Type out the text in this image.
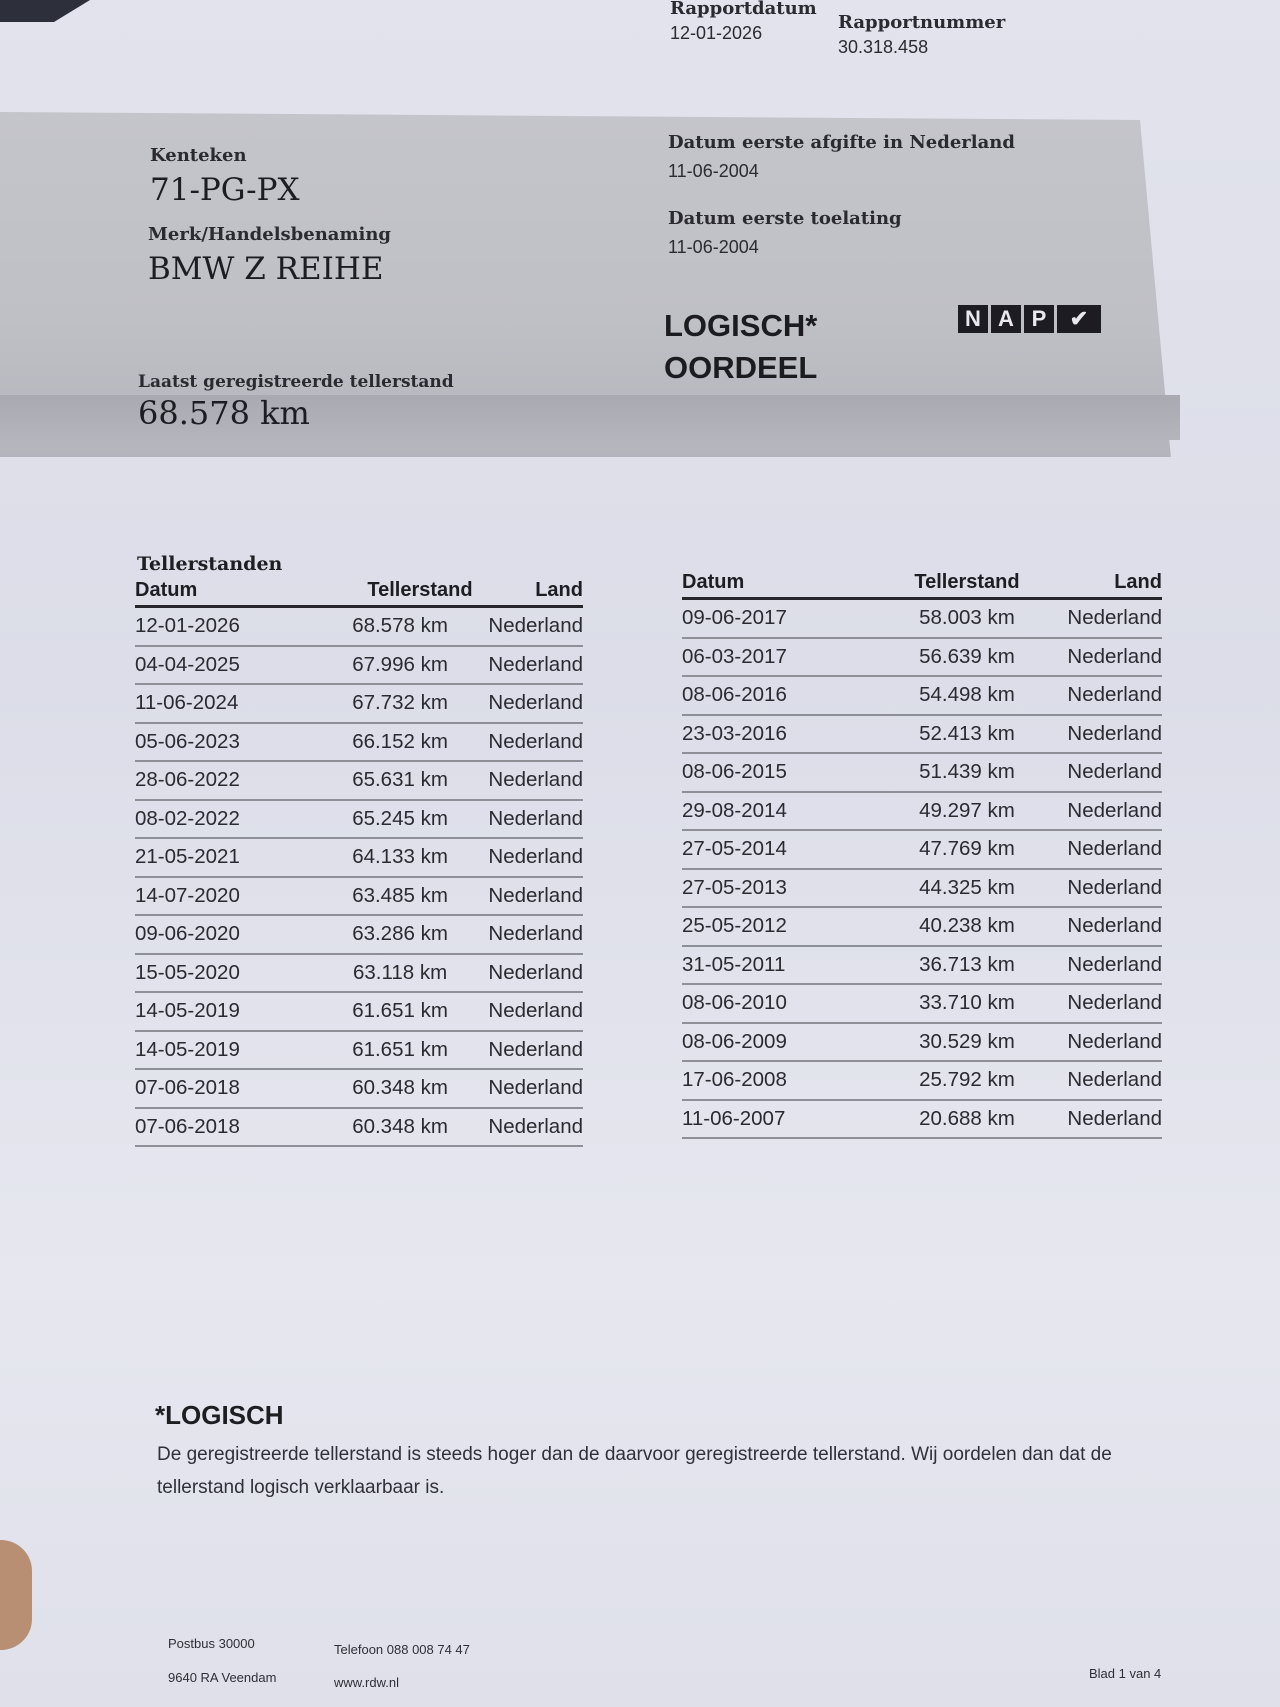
Rapportdatum
12-01-2026	Rapportnummer
30.318.458
Kenteken
71-PG-PX
Merk/Handelsbenaming
BMW Z REIHE
Datum eerste afgifte in Nederland
11-06-2004
Datum eerste toelating
11-06-2004
Laatst geregistreerde tellerstand
68.578 km
LOGISCH*
OORDEEL
N A P	✔
Tellerstanden
Datum	Tellerstand	Land
12-01-2026	68.578 km	Nederland
04-04-2025	67.996 km	Nederland
11-06-2024	67.732 km	Nederland
05-06-2023	66.152 km	Nederland
28-06-2022	65.631 km	Nederland
08-02-2022	65.245 km	Nederland
21-05-2021	64.133 km	Nederland
14-07-2020	63.485 km	Nederland
09-06-2020	63.286 km	Nederland
15-05-2020	63.118 km	Nederland
14-05-2019	61.651 km	Nederland
14-05-2019	61.651 km	Nederland
07-06-2018	60.348 km	Nederland
07-06-2018	60.348 km	Nederland
Datum	Tellerstand	Land
09-06-2017	58.003 km	Nederland
06-03-2017	56.639 km	Nederland
08-06-2016	54.498 km	Nederland
23-03-2016	52.413 km	Nederland
08-06-2015	51.439 km	Nederland
29-08-2014	49.297 km	Nederland
27-05-2014	47.769 km	Nederland
27-05-2013	44.325 km	Nederland
25-05-2012	40.238 km	Nederland
31-05-2011	36.713 km	Nederland
08-06-2010	33.710 km	Nederland
08-06-2009	30.529 km	Nederland
17-06-2008	25.792 km	Nederland
11-06-2007	20.688 km	Nederland
*LOGISCH
De geregistreerde tellerstand is steeds hoger dan de daarvoor geregistreerde tellerstand. Wij oordelen dan dat de tellerstand logisch verklaarbaar is.
Postbus 30000
9640 RA Veendam
Telefoon 088 008 74 47
www.rdw.nl
Blad 1 van 4
